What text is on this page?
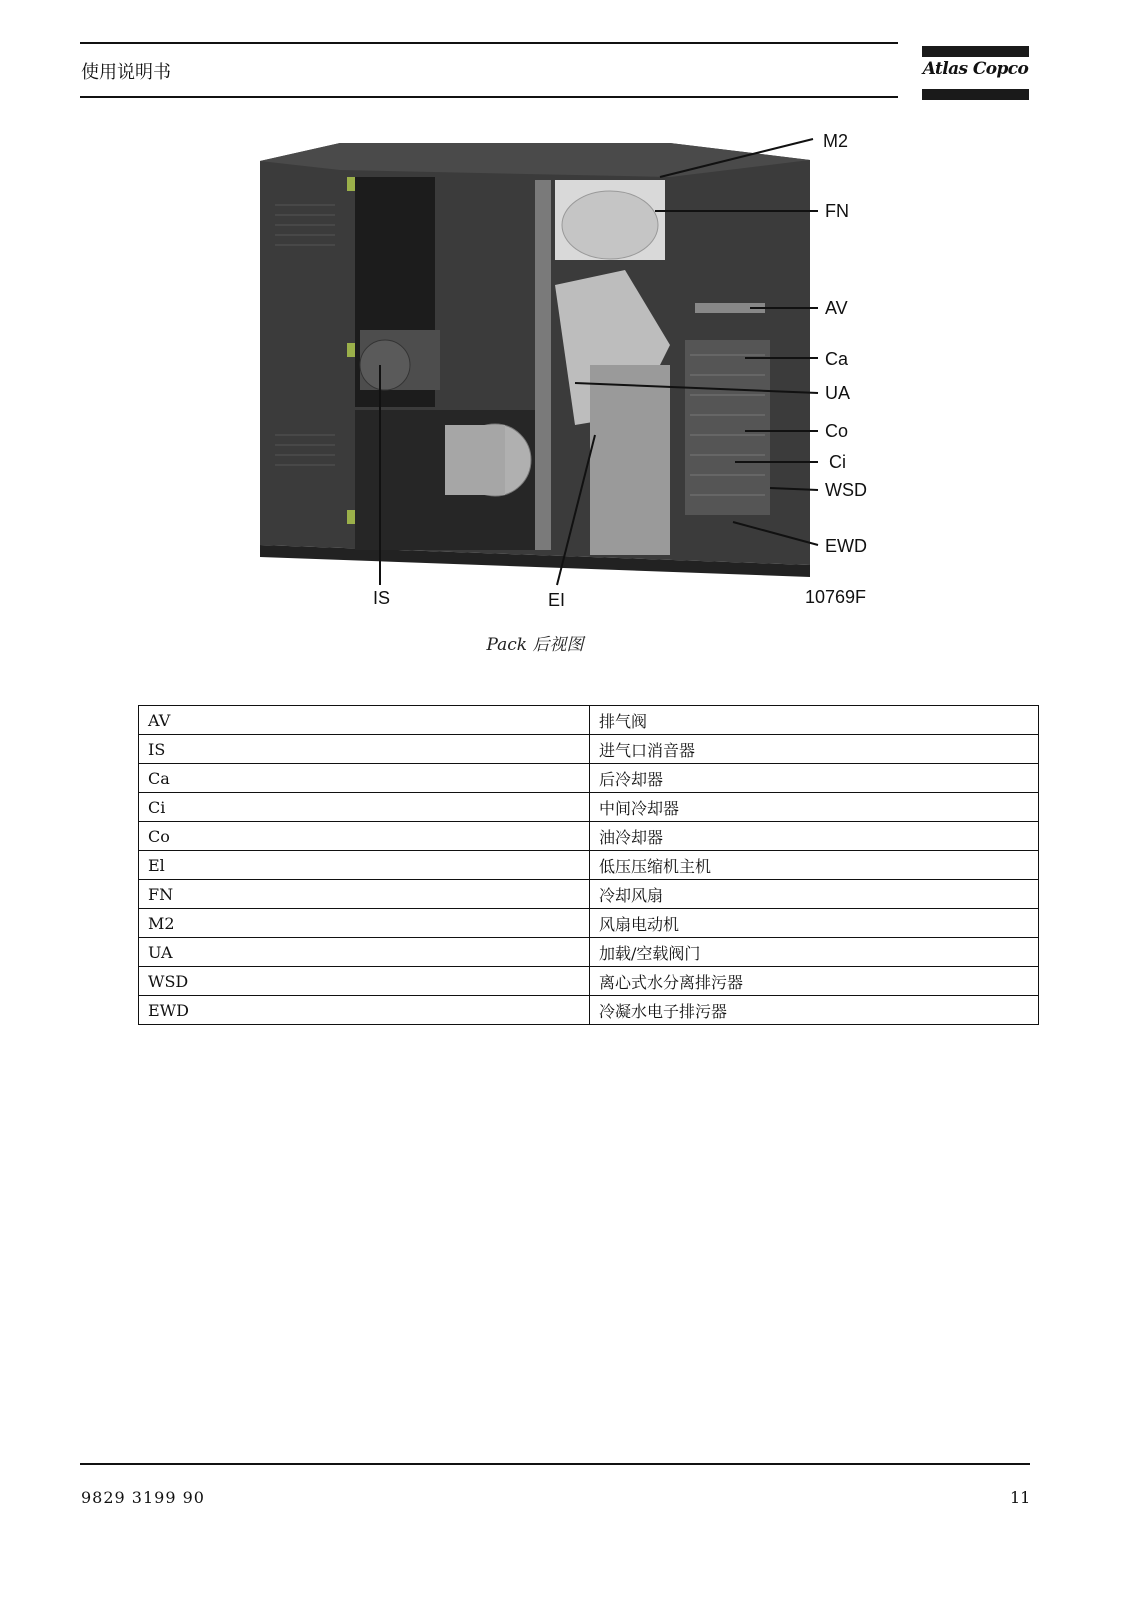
使用说明书	Atlas Copco
M2
FN
AV
Ca
UA
Co
Ci
WSD
EWD
IS	EI	10769F
Pack 后视图
AV	排气阀
IS	进气口消音器
Ca	后冷却器
Ci	中间冷却器
Co	油冷却器
El	低压压缩机主机
FN	冷却风扇
M2	风扇电动机
UA	加载/空载阀门
WSD	离心式水分离排污器
EWD	冷凝水电子排污器
9829 3199 90	11
